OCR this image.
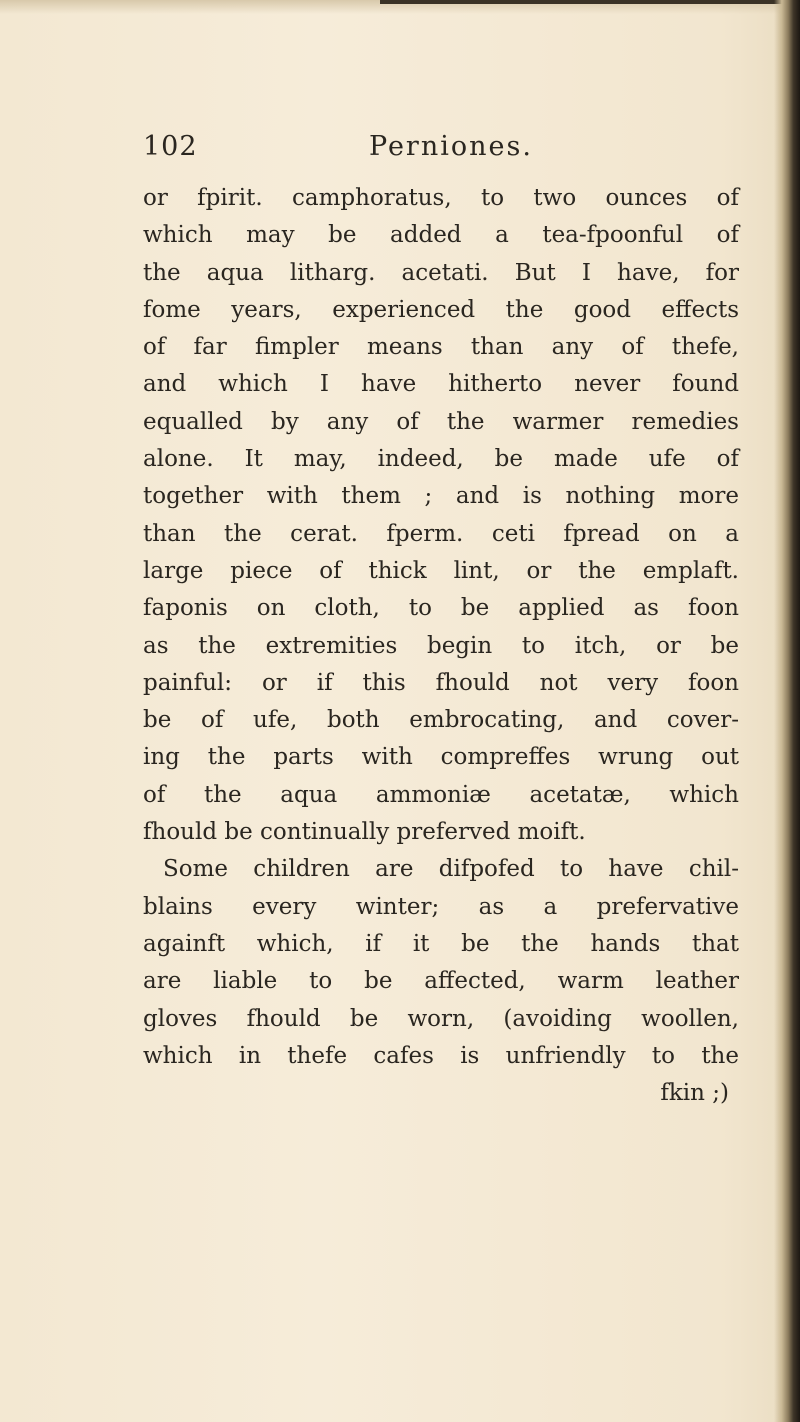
102	Perniones.
or fpirit. camphoratus, to two ounces of
which may be added a tea-fpoonful of
the aqua litharg. acetati. But I have, for
fome years, experienced the good effects
of far fimpler means than any of thefe,
and which I have hitherto never found
equalled by any of the warmer remedies
alone. It may, indeed, be made ufe of
together with them ; and is nothing more
than the cerat. fperm. ceti fpread on a
large piece of thick lint, or the emplaft.
faponis on cloth, to be applied as foon
as the extremities begin to itch, or be
painful: or if this fhould not very foon
be of ufe, both embrocating, and cover-
ing the parts with compreffes wrung out
of the aqua ammoniæ acetatæ, which
fhould be continually preferved moift.
Some children are difpofed to have chil-
blains every winter; as a prefervative
againft which, if it be the hands that
are liable to be affected, warm leather
gloves fhould be worn, (avoiding woollen,
which in thefe cafes is unfriendly to the
fkin ;)
